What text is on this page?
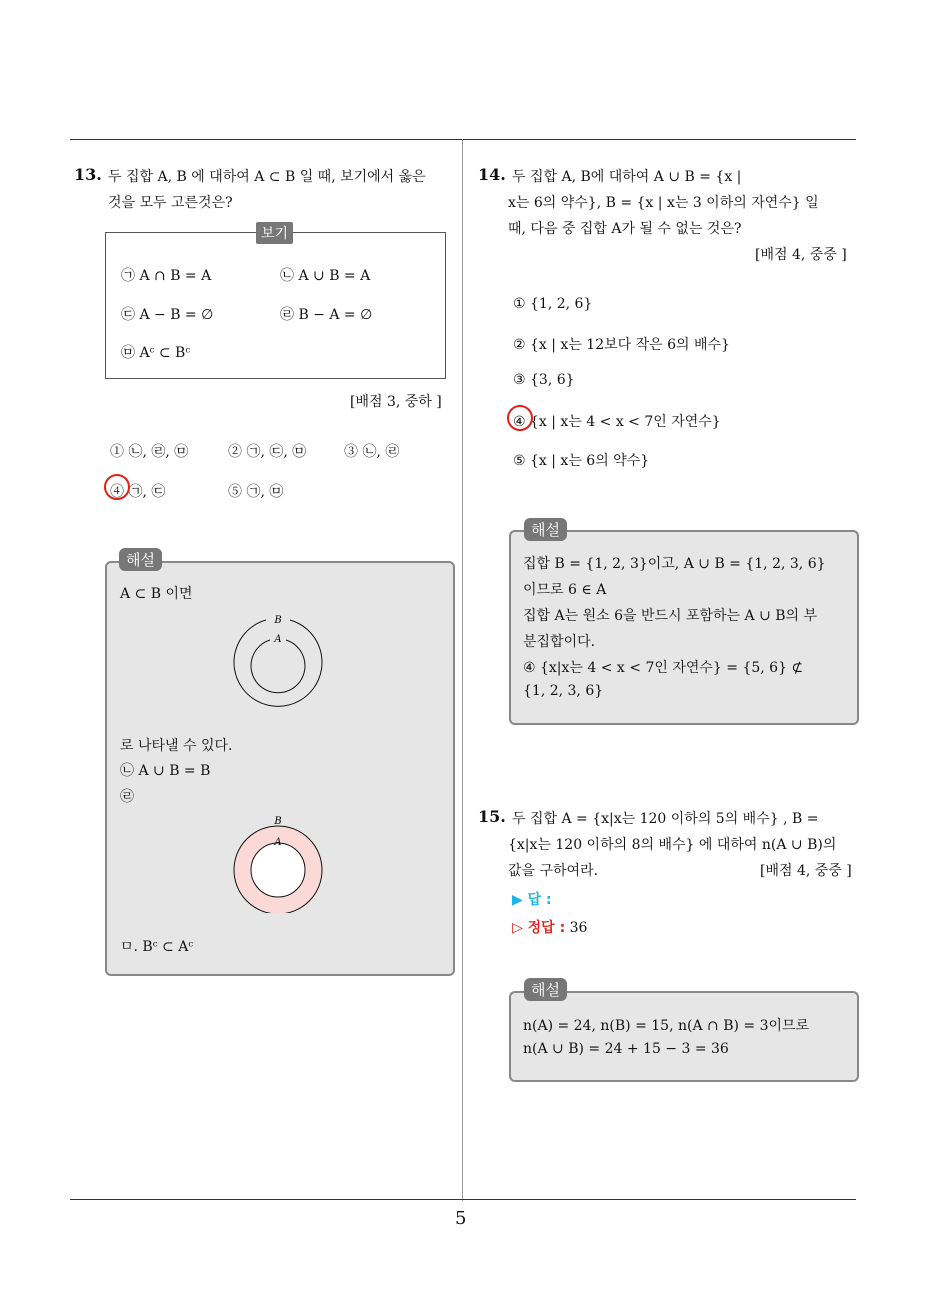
5
13. 두 집합 A, B 에 대하여 A ⊂ B 일 때, 보기에서 옳은
것을 모두 고른것은?
보기
㉠ A ∩ B = A	㉡ A ∪ B = A
㉢ A − B = ∅	㉣ B − A = ∅
㉤ Aᶜ ⊂ Bᶜ
[배점 3, 중하 ]
① ㉡, ㉣, ㉤	② ㉠, ㉢, ㉤	③ ㉡, ㉣
④ ㉠, ㉢	⑤ ㉠, ㉤
해설
A ⊂ B 이면
B
A
로 나타낼 수 있다.
㉡ A ∪ B = B
㉣
B
A
ㅁ. Bᶜ ⊂ Aᶜ
14. 두 집합 A, B에 대하여 A ∪ B = {x |
x는 6의 약수}, B = {x | x는 3 이하의 자연수} 일
때, 다음 중 집합 A가 될 수 없는 것은?
[배점 4, 중중 ]
① {1, 2, 6}
② {x | x는 12보다 작은 6의 배수}
③ {3, 6}
④ {x | x는 4 < x < 7인 자연수}
⑤ {x | x는 6의 약수}
해설
집합 B = {1, 2, 3}이고, A ∪ B = {1, 2, 3, 6}
이므로 6 ∈ A
집합 A는 원소 6을 반드시 포함하는 A ∪ B의 부
분집합이다.
④ {x|x는 4 < x < 7인 자연수} = {5, 6} ⊄
{1, 2, 3, 6}
15. 두 집합 A = {x|x는 120 이하의 5의 배수} , B =
{x|x는 120 이하의 8의 배수} 에 대하여 n(A ∪ B)의
값을 구하여라.	[배점 4, 중중 ]
▶ 답 :
▷ 정답 : 36
해설
n(A) = 24, n(B) = 15, n(A ∩ B) = 3이므로
n(A ∪ B) = 24 + 15 − 3 = 36
